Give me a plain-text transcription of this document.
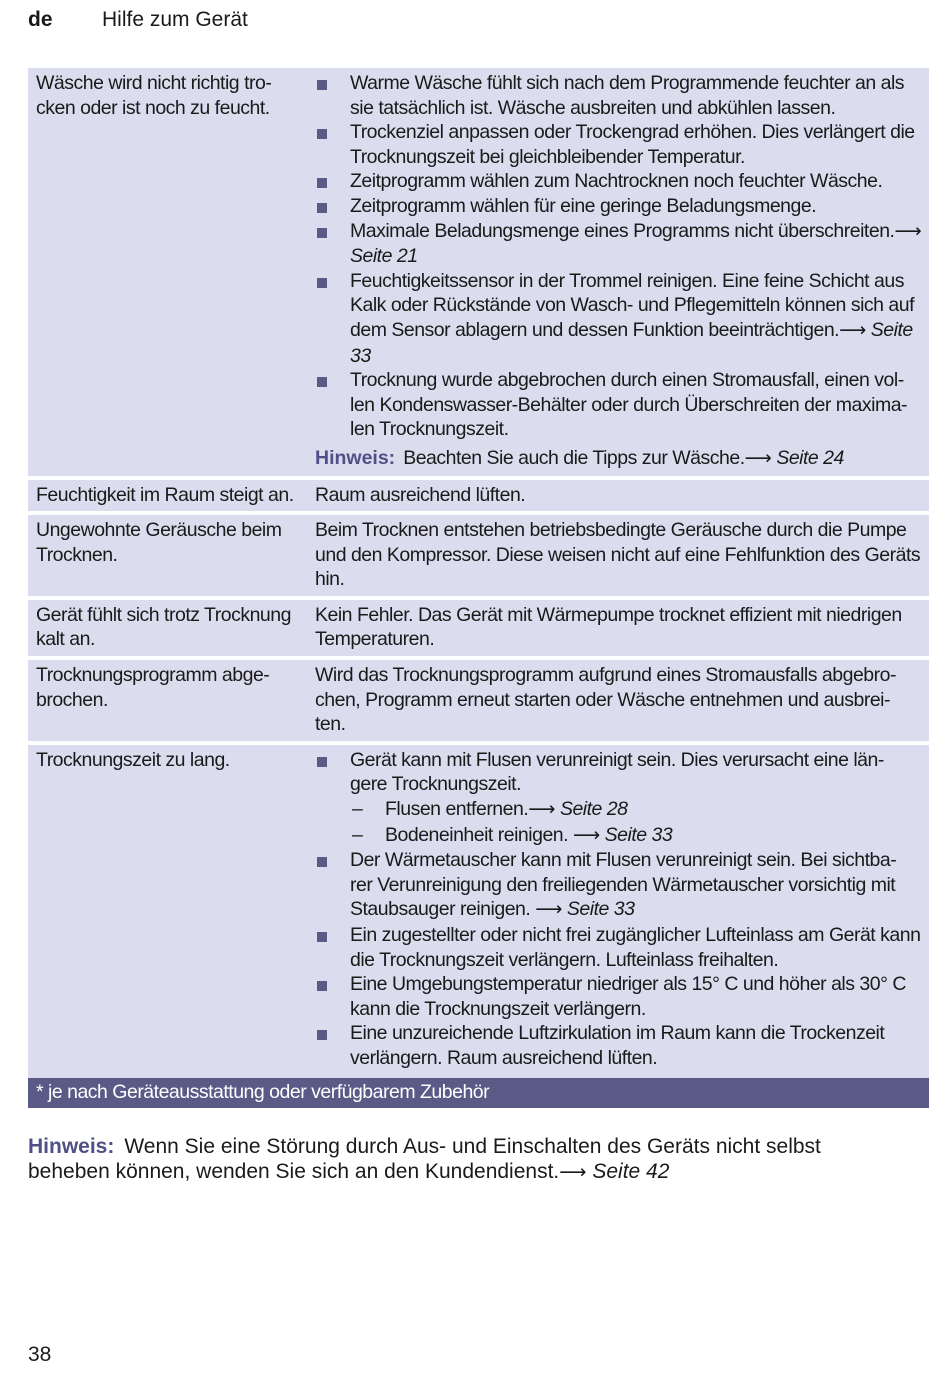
de Hilfe zum Gerät
Wäsche wird nicht richtig tro-
cken oder ist noch zu feucht.
Warme Wäsche fühlt sich nach dem Programmende feuchter an als sie tatsächlich ist. Wäsche ausbreiten und abkühlen lassen.
Trockenziel anpassen oder Trockengrad erhöhen. Dies verlängert die Trocknungszeit bei gleichbleibender Temperatur.
Zeitprogramm wählen zum Nachtrocknen noch feuchter Wäsche.
Zeitprogramm wählen für eine geringe Beladungsmenge.
Maximale Beladungsmenge eines Programms nicht überschreiten.⟶ Seite 21
Feuchtigkeitssensor in der Trommel reinigen. Eine feine Schicht aus Kalk oder Rückstände von Wasch- und Pflegemitteln können sich auf dem Sensor ablagern und dessen Funktion beeinträchtigen.⟶ Seite 33
Trocknung wurde abgebrochen durch einen Stromausfall, einen vol-
len Kondenswasser-Behälter oder durch Überschreiten der maxima-
len Trocknungszeit.
Hinweis: Beachten Sie auch die Tipps zur Wäsche.⟶ Seite 24
Feuchtigkeit im Raum steigt an.	Raum ausreichend lüften.
Ungewohnte Geräusche beim
Trocknen.
Beim Trocknen entstehen betriebsbedingte Geräusche durch die Pumpe und den Kompressor. Diese weisen nicht auf eine Fehlfunktion des Geräts hin.
Gerät fühlt sich trotz Trocknung
kalt an.
Kein Fehler. Das Gerät mit Wärmepumpe trocknet effizient mit niedrigen Temperaturen.
Trocknungsprogramm abge-
brochen.
Wird das Trocknungsprogramm aufgrund eines Stromausfalls abgebro-
chen, Programm erneut starten oder Wäsche entnehmen und ausbrei-
ten.
Trocknungszeit zu lang.	Gerät kann mit Flusen verunreinigt sein. Dies verursacht eine län-
gere Trocknungszeit.
– Flusen entfernen.⟶ Seite 28
– Bodeneinheit reinigen. ⟶ Seite 33
Der Wärmetauscher kann mit Flusen verunreinigt sein. Bei sichtba-
rer Verunreinigung den freiliegenden Wärmetauscher vorsichtig mit Staubsauger reinigen. ⟶ Seite 33
Ein zugestellter oder nicht frei zugänglicher Lufteinlass am Gerät kann die Trocknungszeit verlängern. Lufteinlass freihalten.
Eine Umgebungstemperatur niedriger als 15° C und höher als 30° C kann die Trocknungszeit verlängern.
Eine unzureichende Luftzirkulation im Raum kann die Trockenzeit verlängern. Raum ausreichend lüften.
* je nach Geräteausstattung oder verfügbarem Zubehör
Hinweis: Wenn Sie eine Störung durch Aus- und Einschalten des Geräts nicht selbst beheben können, wenden Sie sich an den Kundendienst.⟶ Seite 42
38
